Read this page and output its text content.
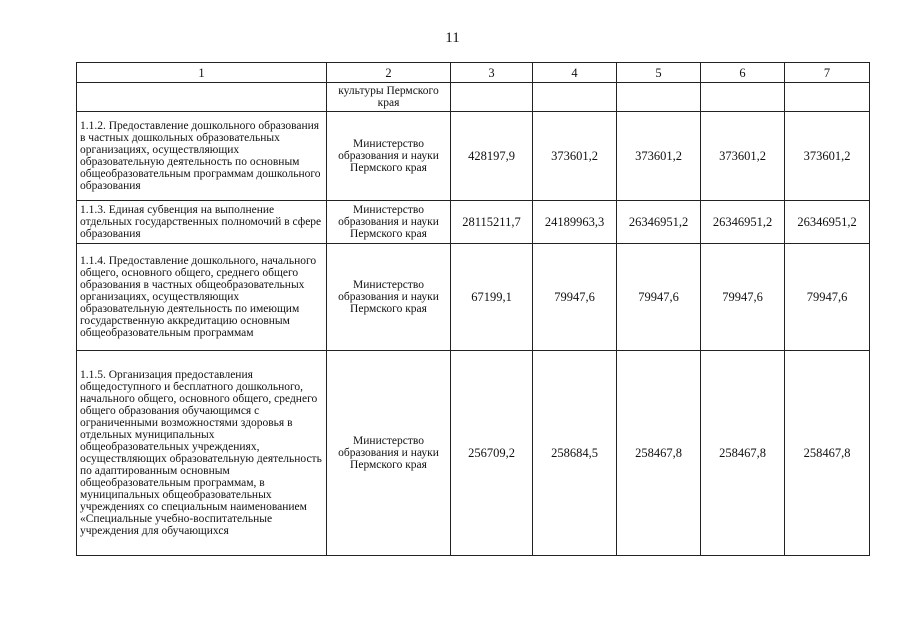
11
1	2	3	4	5	6	7
	культуры Пермского края					
1.1.2. Предоставление дошкольного образования в частных дошкольных образовательных организациях, осуществляющих образовательную деятельность по основным общеобразовательным программам дошкольного образования	Министерство образования и науки Пермского края	428197,9	373601,2	373601,2	373601,2	373601,2
1.1.3. Единая субвенция на выполнение отдельных государственных полномочий в сфере образования	Министерство образования и науки Пермского края	28115211,7	24189963,3	26346951,2	26346951,2	26346951,2
1.1.4. Предоставление дошкольного, начального общего, основного общего, среднего общего образования в частных общеобразовательных организациях, осуществляющих образовательную деятельность по имеющим государственную аккредитацию основным общеобразовательным программам	Министерство образования и науки Пермского края	67199,1	79947,6	79947,6	79947,6	79947,6
1.1.5. Организация предоставления общедоступного и бесплатного дошкольного, начального общего, основного общего, среднего общего образования обучающимся с ограниченными возможностями здоровья в отдельных муниципальных общеобразовательных учреждениях, осуществляющих образовательную деятельность по адаптированным основным общеобразовательным программам, в муниципальных общеобразовательных учреждениях со специальным наименованием «Специальные учебно-воспитательные учреждения для обучающихся	Министерство образования и науки Пермского края	256709,2	258684,5	258467,8	258467,8	258467,8
